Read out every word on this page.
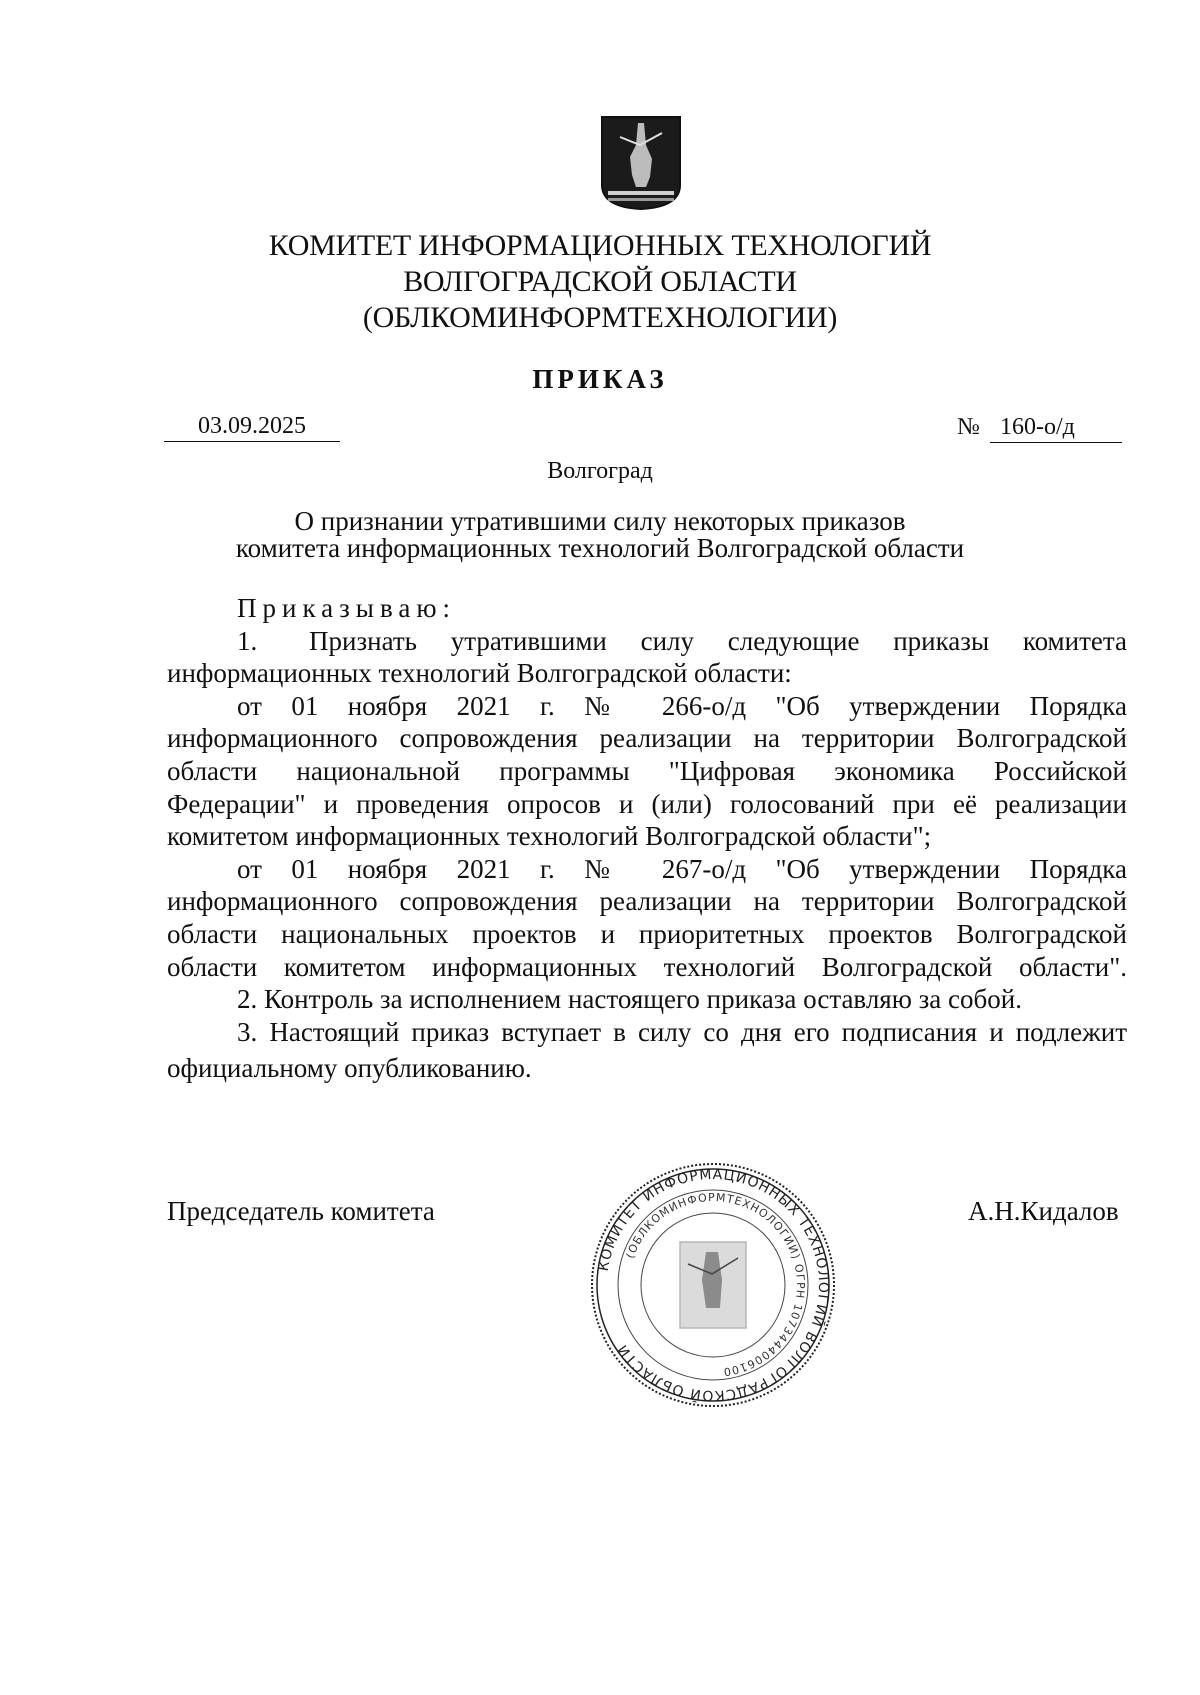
КОМИТЕТ ИНФОРМАЦИОННЫХ ТЕХНОЛОГИЙ
ВОЛГОГРАДСКОЙ ОБЛАСТИ
(ОБЛКОМИНФОРМТЕХНОЛОГИИ)
ПРИКАЗ
03.09.2025	№ 160-о/д
Волгоград
О признании утратившими силу некоторых приказов
комитета информационных технологий Волгоградской области

Приказываю:

1. Признать утратившими силу следующие приказы комитета

информационных технологий Волгоградской области:

от 01 ноября 2021 г. № 266-о/д "Об утверждении Порядка

информационного сопровождения реализации на территории Волгоградской

области национальной программы "Цифровая экономика Российской

Федерации" и проведения опросов и (или) голосований при её реализации

комитетом информационных технологий Волгоградской области";

от 01 ноября 2021 г. № 267-о/д "Об утверждении Порядка

информационного сопровождения реализации на территории Волгоградской

области национальных проектов и приоритетных проектов Волгоградской

области комитетом информационных технологий Волгоградской области".

2. Контроль за исполнением настоящего приказа оставляю за собой.

3. Настоящий приказ вступает в силу со дня его подписания и подлежит

официальному опубликованию.

Председатель комитета	А.Н.Кидалов
КОМИТЕТ ИНФОРМАЦИОННЫХ ТЕХНОЛОГИЙ ВОЛГОГРАДСКОЙ ОБЛАСТИ
(ОБЛКОМИНФОРМТЕХНОЛОГИИ) ОГРН 1073444006100
